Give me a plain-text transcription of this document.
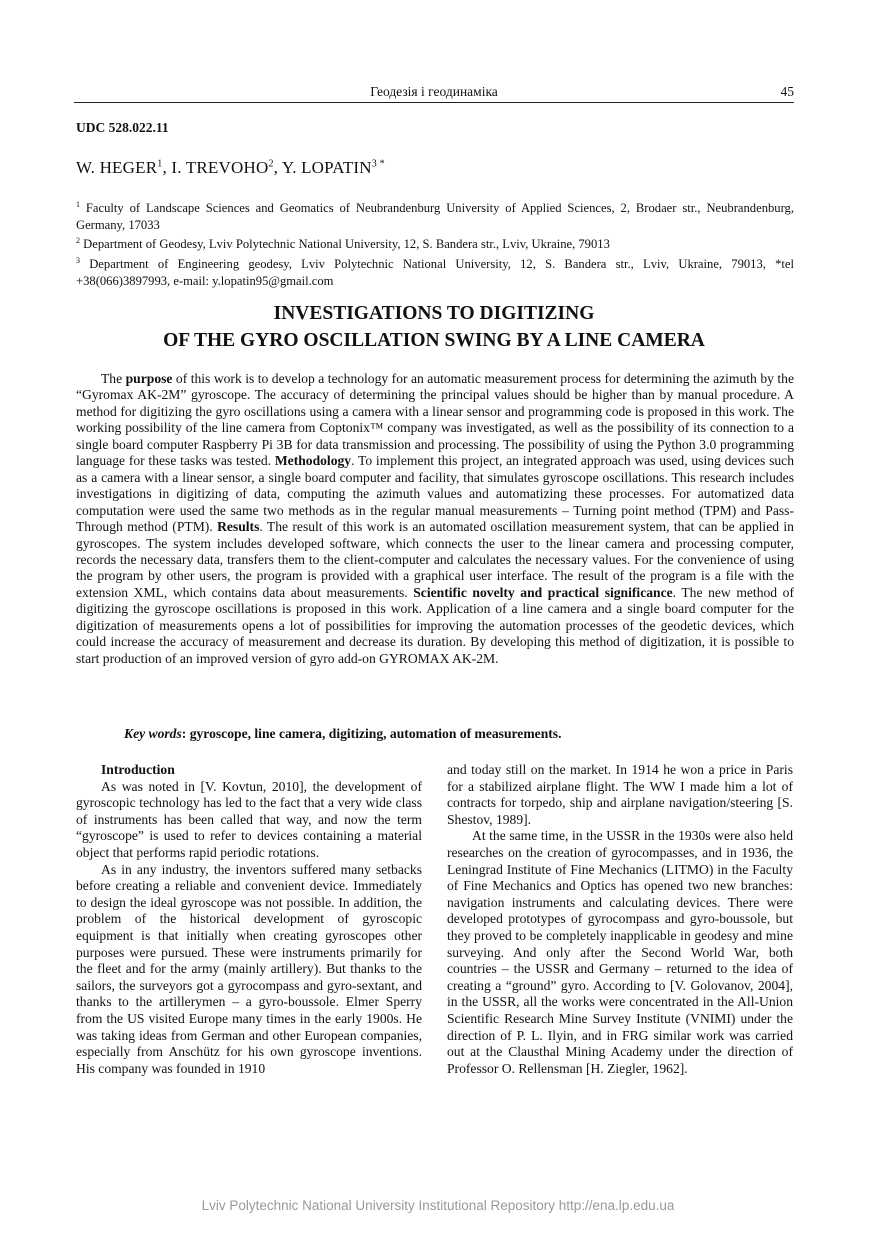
Геодезія і геодинаміка	45
UDC 528.022.11
W. HEGER$^1$, I. TREVOHO$^2$, Y. $LOPATIN^{3 *}$

$^1$ Faculty of Landscape Sciences and Geomatics of Neubrandenburg University of Applied Sciences, 2, Brodaer str., Neubrandenburg, Germany, 17033

$^2$ Department of Geodesy, Lviv Polytechnic National University, 12, S. Bandera str., Lviv, Ukraine, 79013

$^3$ Department of Engineering geodesy, Lviv Polytechnic National University, 12, S. Bandera str., Lviv, Ukraine, 79013, *tel +38(066)3897993, e-mail: y.lopatin95@gmail.com

INVESTIGATIONS TO DIGITIZING
OF THE GYRO OSCILLATION SWING BY A LINE CAMERA

The purpose of this work is to develop a technology for an automatic measurement process for determining the azimuth by the “Gyromax AK-2M” gyroscope. The accuracy of determining the principal values should be higher than by manual procedure. A method for digitizing the gyro oscillations using a camera with a linear sensor and programming code is proposed in this work. The working possibility of the line camera from Coptonix™ company was investigated, as well as the possibility of its connection to a single board computer Raspberry Pi 3B for data transmission and processing. The possibility of using the Python 3.0 programming language for these tasks was tested. Methodology. To implement this project, an integrated approach was used, using devices such as a camera with a linear sensor, a single board computer and facility, that simulates gyroscope oscillations. This research includes investigations in digitizing of data, computing the azimuth values and automatizing these processes. For automatized data computation were used the same two methods as in the regular manual measurements – Turning point method (TPM) and Pass-Through method (PTM). Results. The result of this work is an automated oscillation measurement system, that can be applied in gyroscopes. The system includes developed software, which connects the user to the linear camera and processing computer, records the necessary data, transfers them to the client-computer and calculates the necessary values. For the convenience of using the program by other users, the program is provided with a graphical user interface. The result of the program is a file with the extension XML, which contains data about measurements. Scientific novelty and practical significance. The new method of digitizing the gyroscope oscillations is proposed in this work. Application of a line camera and a single board computer for the digitization of measurements opens a lot of possibilities for improving the automation processes of the geodetic devices, which could increase the accuracy of measurement and decrease its duration. By developing this method of digitization, it is possible to start production of an improved version of gyro add-on GYROMAX AK-2M.

Key words: gyroscope, line camera, digitizing, automation of measurements.
Introduction

As was noted in [V. Kovtun, 2010], the development of gyroscopic technology has led to the fact that a very wide class of instruments has been called that way, and now the term “gyroscope” is used to refer to devices containing a material object that performs rapid periodic rotations.

As in any industry, the inventors suffered many setbacks before creating a reliable and convenient device. Immediately to design the ideal gyroscope was not possible. In addition, the problem of the historical development of gyroscopic equipment is that initially when creating gyroscopes other purposes were pursued. These were instruments primarily for the fleet and for the army (mainly artillery). But thanks to the sailors, the surveyors got a gyrocompass and gyro-sextant, and thanks to the artillerymen – a gyro-boussole. Elmer Sperry from the US visited Europe many times in the early 1900s. He was taking ideas from German and other European companies, especially from Anschütz for his own gyroscope inventions. His company was founded in 1910

and today still on the market. In 1914 he won a price in Paris for a stabilized airplane flight. The WW I made him a lot of contracts for torpedo, ship and airplane navigation/steering [S. Shestov, 1989].

At the same time, in the USSR in the 1930s were also held researches on the creation of gyrocompasses, and in 1936, the Leningrad Institute of Fine Mechanics (LITMO) in the Faculty of Fine Mechanics and Optics has opened two new branches: navigation instruments and calculating devices. There were developed prototypes of gyrocompass and gyro-boussole, but they proved to be completely inapplicable in geodesy and mine surveying. And only after the Second World War, both countries – the USSR and Germany – returned to the idea of creating a “ground” gyro. According to [V. Golovanov, 2004], in the USSR, all the works were concentrated in the All-Union Scientific Research Mine Survey Institute (VNIMI) under the direction of P. L. Ilyin, and in FRG similar work was carried out at the Clausthal Mining Academy under the direction of Professor O. Rellensman [H. Ziegler, 1962].

Lviv Polytechnic National University Institutional Repository http://ena.lp.edu.ua
